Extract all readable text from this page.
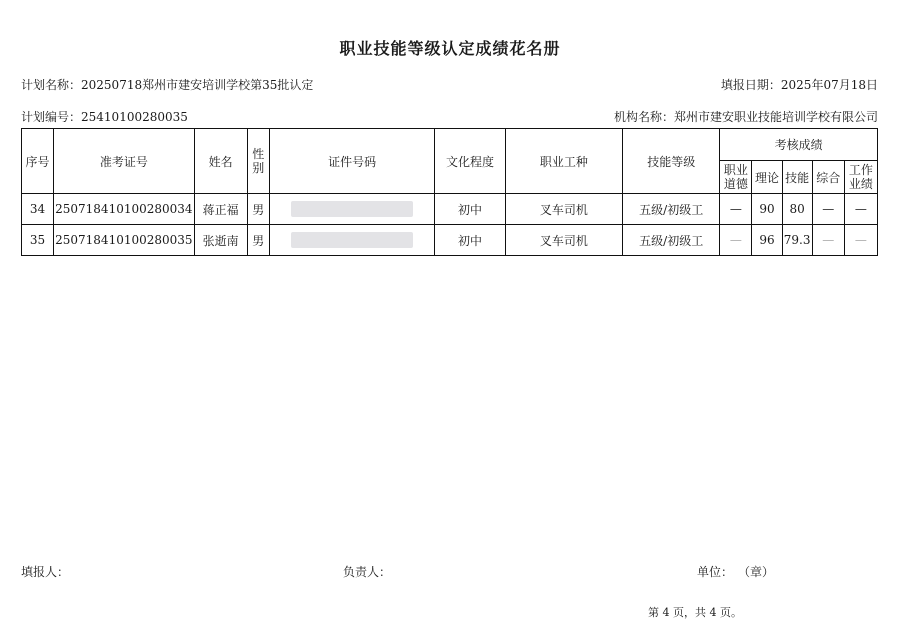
职业技能等级认定成绩花名册
计划名称：20250718郑州市建安培训学校第35批认定	填报日期：2025年07月18日
计划编号：25410100280035	机构名称：郑州市建安职业技能培训学校有限公司
序号	准考证号	姓名	性别	证件号码	文化程度	职业工种	技能等级	考核成绩				
								职业道德	理论	技能	综合	工作业绩
34	250718410100280034	蒋正福	男		初中	叉车司机	五级/初级工	—	90	80	—	—
35	250718410100280035	张逝南	男		初中	叉车司机	五级/初级工	—	96	79.3	—	—
填报人：	负责人：	单位： （章）
第 4 页，共 4 页。
